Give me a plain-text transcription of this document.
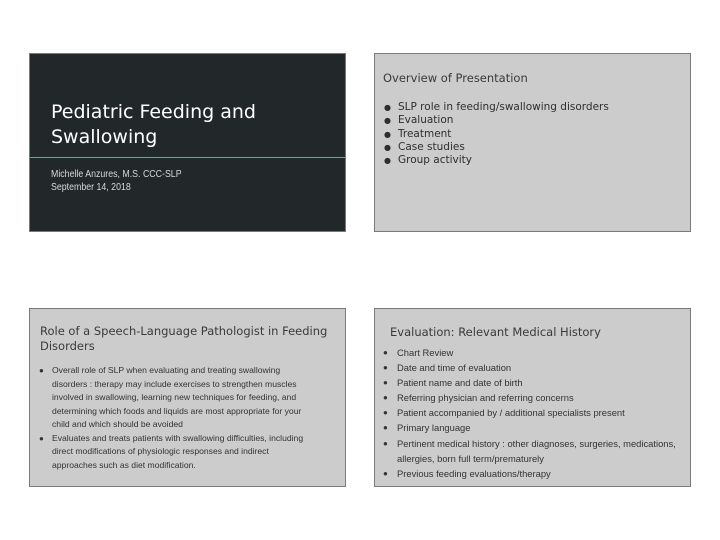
Pediatric Feeding and Swallowing
Michelle Anzures, M.S. CCC-SLP
September 14, 2018
Overview of Presentation
● SLP role in feeding/swallowing disorders
● Evaluation
● Treatment
● Case studies
● Group activity
Role of a Speech-Language Pathologist in Feeding Disorders
● Overall role of SLP when evaluating and treating swallowing disorders : therapy may include exercises to strengthen muscles involved in swallowing, learning new techniques for feeding, and determining which foods and liquids are most appropriate for your child and which should be avoided
● Evaluates and treats patients with swallowing difficulties, including direct modifications of physiologic responses and indirect approaches such as diet modification.
Evaluation: Relevant Medical History
● Chart Review
● Date and time of evaluation
● Patient name and date of birth
● Referring physician and referring concerns
● Patient accompanied by / additional specialists present
● Primary language
● Pertinent medical history : other diagnoses, surgeries, medications, allergies, born full term/prematurely
● Previous feeding evaluations/therapy
